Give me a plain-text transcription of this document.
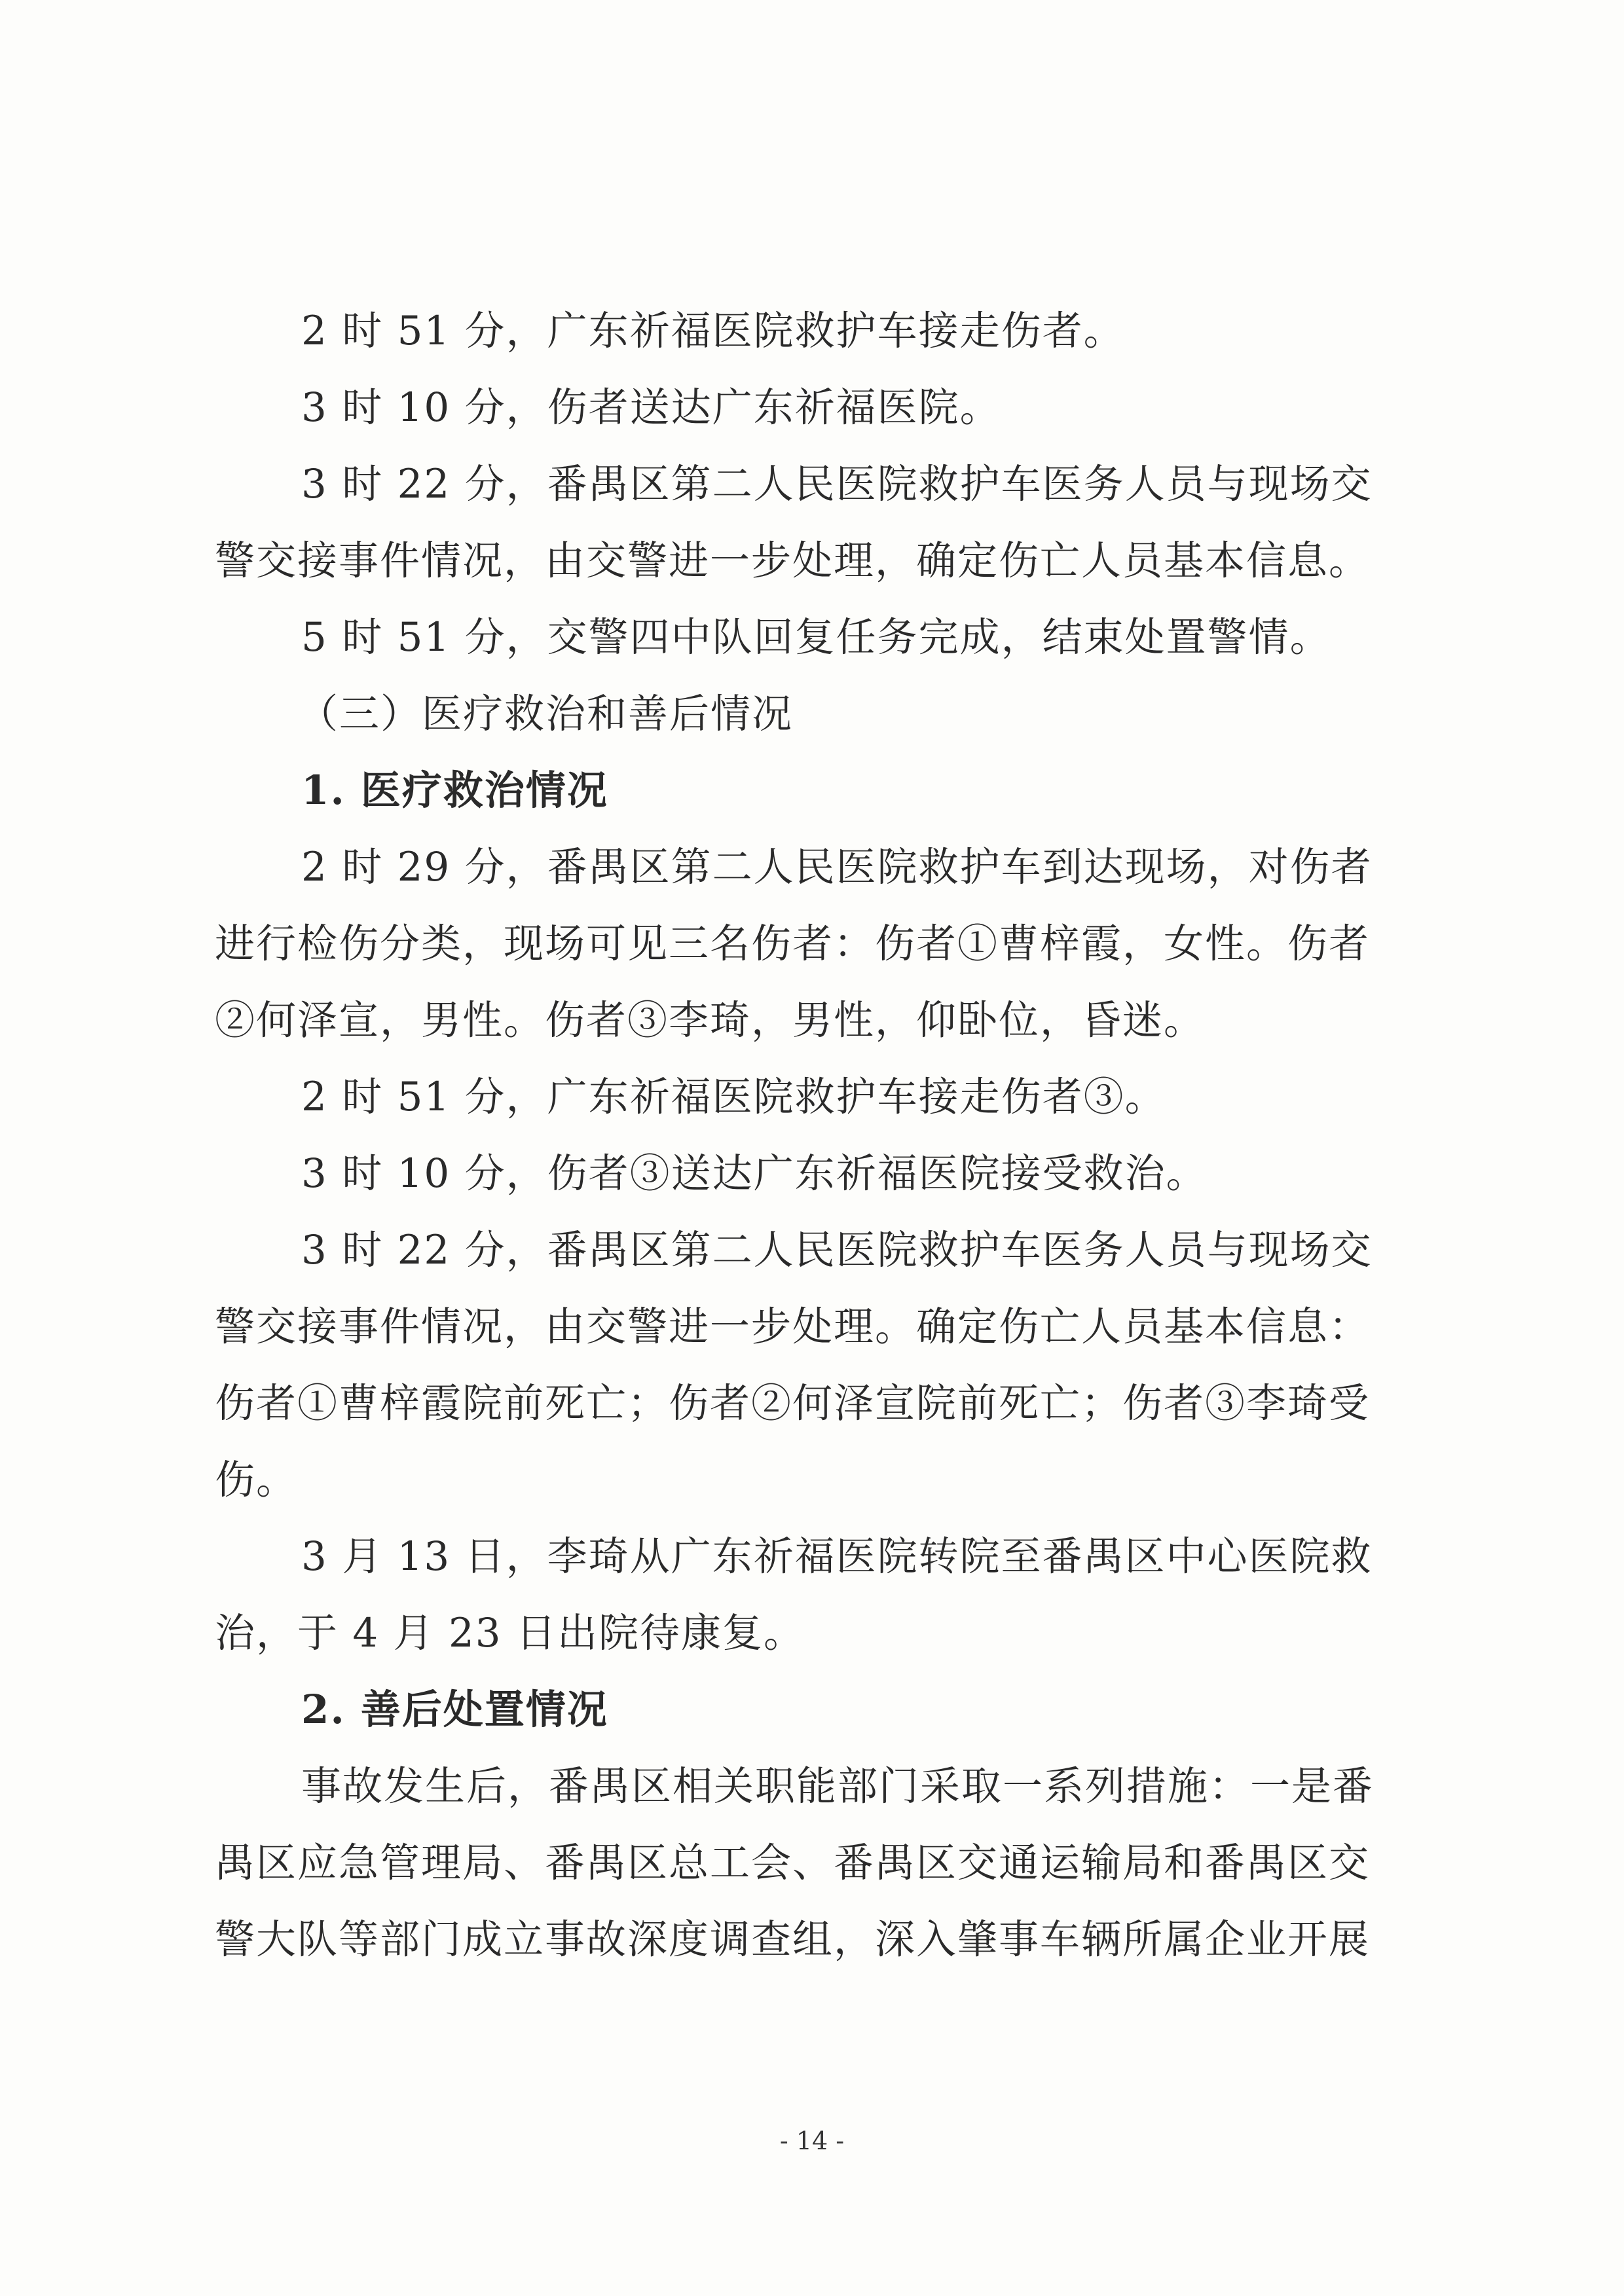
2 时 51 分，广东祈福医院救护车接走伤者。
3 时 10 分，伤者送达广东祈福医院。
3 时 22 分，番禺区第二人民医院救护车医务人员与现场交
警交接事件情况，由交警进一步处理，确定伤亡人员基本信息。
5 时 51 分，交警四中队回复任务完成，结束处置警情。
（三）医疗救治和善后情况
1. 医疗救治情况
2 时 29 分，番禺区第二人民医院救护车到达现场，对伤者
进行检伤分类，现场可见三名伤者：伤者①曹梓霞，女性。伤者
②何泽宣，男性。伤者③李琦，男性，仰卧位，昏迷。
2 时 51 分，广东祈福医院救护车接走伤者③。
3 时 10 分，伤者③送达广东祈福医院接受救治。
3 时 22 分，番禺区第二人民医院救护车医务人员与现场交
警交接事件情况，由交警进一步处理。确定伤亡人员基本信息：
伤者①曹梓霞院前死亡；伤者②何泽宣院前死亡；伤者③李琦受
伤。
3 月 13 日，李琦从广东祈福医院转院至番禺区中心医院救
治，于 4 月 23 日出院待康复。
2. 善后处置情况
事故发生后，番禺区相关职能部门采取一系列措施：一是番
禺区应急管理局、番禺区总工会、番禺区交通运输局和番禺区交
警大队等部门成立事故深度调查组，深入肇事车辆所属企业开展
- 14 -
